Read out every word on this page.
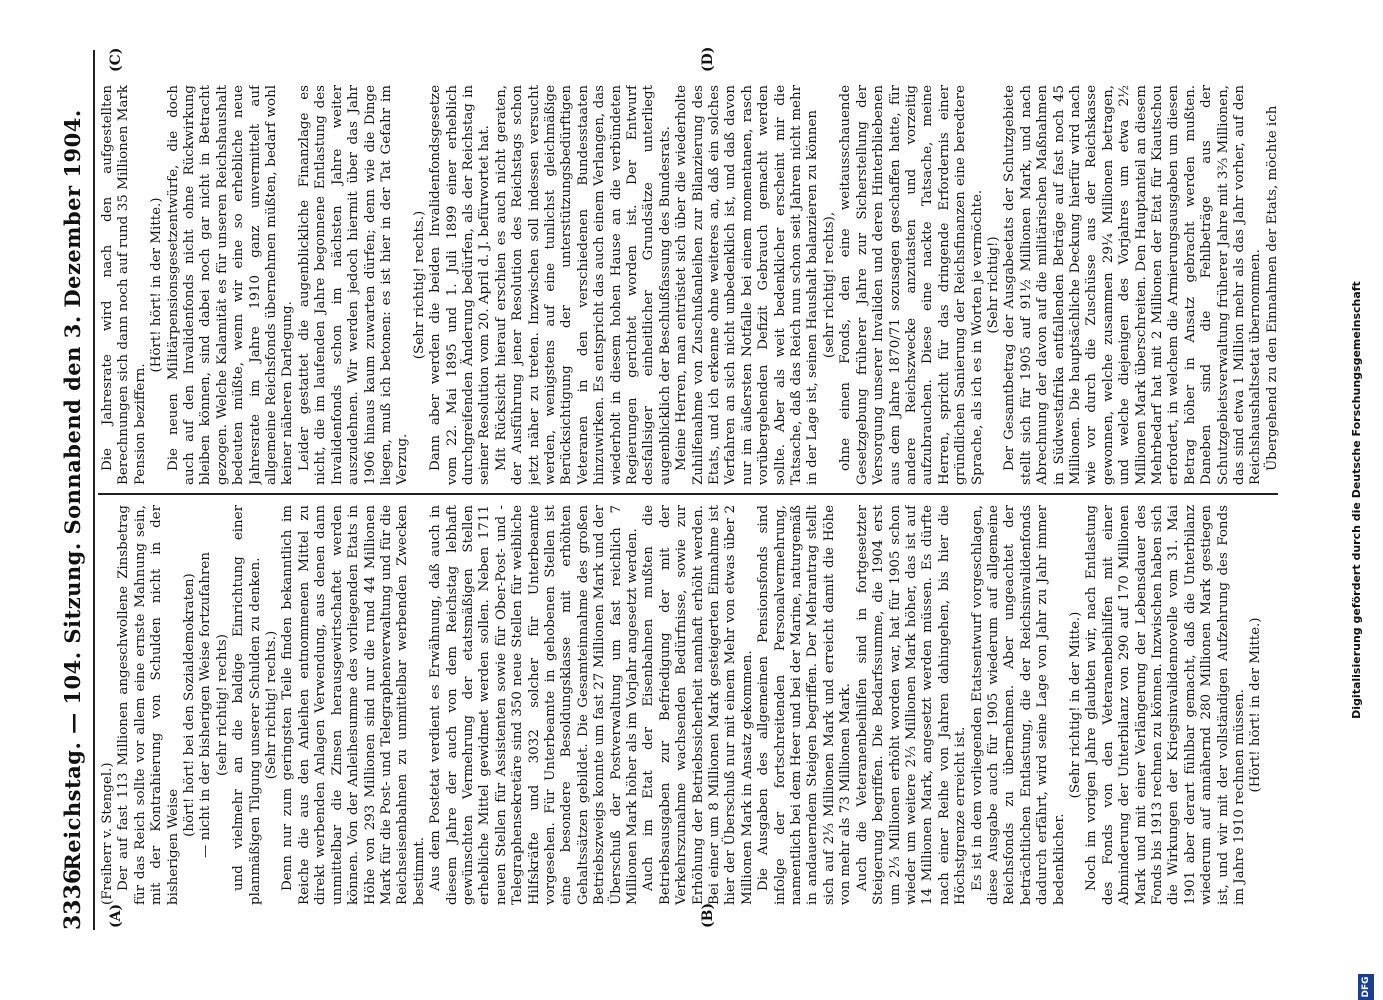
3336
Reichstag. — 104. Sitzung. Sonnabend den 3. Dezember 1904.
(A)	(B)
(C)	(D)

(Freiherr v. Stengel.) Der auf fast 113 Millionen angeschwollene Zinsbetrag für das Reich sollte vor allem eine ernste Mahnung sein, mit der Kontrahierung von Schulden nicht in der bisherigen Weise

(hört! hört! bei den Sozialdemokraten) — nicht in der bisherigen Weise fortzufahren (sehr richtig! rechts) und vielmehr an die baldige Einrichtung einer planmäßigen Tilgung unserer Schulden zu denken. (Sehr richtig! rechts.) Denn nur zum geringsten Teile finden bekanntlich im Reiche die aus den Anleihen entnommenen Mittel zu direkt werbenden Anlagen Verwendung, aus denen dann unmittelbar die Zinsen herausgewirtschaftet werden können. Von der Anleihesumme des vorliegenden Etats in Höhe von 293 Millionen sind nur die rund 44 Millionen Mark für die Post- und Telegraphenverwaltung und für die Reichseisenbahnen zu unmittelbar werbenden Zwecken bestimmt. Aus dem Postetat verdient es Erwähnung, daß auch in diesem Jahre der auch von dem Reichstag lebhaft gewünschten Vermehrung der etatsmäßigen Stellen erhebliche Mittel gewidmet werden sollen. Neben 1711 neuen Stellen für Assistenten sowie für Ober-Post- und -Telegraphensekretäre sind 350 neue Stellen für weibliche Hilfskräfte und 3032 solcher für Unterbeamte vorgesehen. Für Unterbeamte in gehobenen Stellen ist eine besondere Besoldungsklasse mit erhöhten Gehaltssätzen gebildet. Die Gesamteinnahme des großen Betriebszweigs konnte um fast 27 Millionen Mark und der Überschuß der Postverwaltung um fast reichlich 7 Millionen Mark höher als im Vorjahr angesetzt werden. Auch im Etat der Eisenbahnen mußten die Betriebsausgaben zur Befriedigung der mit der Verkehrszunahme wachsenden Bedürfnisse, sowie zur Erhöhung der Betriebssicherheit namhaft erhöht werden. Bei einer um 8 Millionen Mark gesteigerten Einnahme ist hier der Überschuß nur mit einem Mehr von etwas über 2 Millionen Mark in Ansatz gekommen. Die Ausgaben des allgemeinen Pensionsfonds sind infolge der fortschreitenden Personalvermehrung, namentlich bei dem Heer und bei der Marine, naturgemäß in andauerndem Steigen begriffen. Der Mehrantrag stellt sich auf 2⅓ Millionen Mark und erreicht damit die Höhe von mehr als 73 Millionen Mark. Auch die Veteranenbeihilfen sind in fortgesetzter Steigerung begriffen. Die Bedarfssumme, die 1904 erst um 2⅓ Millionen erhöht worden war, hat für 1905 schon wieder um weitere 2⅓ Millionen Mark höher, das ist auf 14 Millionen Mark, angesetzt werden müssen. Es dürfte nach einer Reihe von Jahren dahingehen, bis hier die Höchstgrenze erreicht ist. Es ist in dem vorliegenden Etatsentwurf vorgeschlagen, diese Ausgabe auch für 1905 wiederum auf allgemeine Reichsfonds zu übernehmen. Aber ungeachtet der beträchtlichen Entlastung, die der Reichsinvalidenfonds dadurch erfährt, wird seine Lage von Jahr zu Jahr immer bedenklicher.

(Sehr richtig! in der Mitte.) Noch im vorigen Jahre glaubten wir, nach Entlastung des Fonds von den Veteranenbeihilfen mit einer Abminderung der Unterbilanz von 290 auf 170 Millionen Mark und mit einer Verlängerung der Lebensdauer des Fonds bis 1913 rechnen zu können. Inzwischen haben sich die Wirkungen der Kriegsinvalidennovelle vom 31. Mai 1901 aber derart fühlbar gemacht, daß die Unterbilanz wiederum auf annähernd 280 Millionen Mark gestiegen ist, und wir mit der vollständigen Aufzehrung des Fonds im Jahre 1910 rechnen müssen. (Hört! hört! in der Mitte.)

Die Jahresrate wird nach den aufgestellten Berechnungen sich dann noch auf rund 35 Millionen Mark Pension beziffern.

(Hört! hört! in der Mitte.) Die neuen Militärpensionsgesetzentwürfe, die doch auch auf den Invalidenfonds nicht ohne Rückwirkung bleiben können, sind dabei noch gar nicht in Betracht gezogen. Welche Kalamität es für unseren Reichshaushalt bedeuten müßte, wenn wir eine so erhebliche neue Jahresrate im Jahre 1910 ganz unvermittelt auf allgemeine Reichsfonds übernehmen müßten, bedarf wohl keiner näheren Darlegung. Leider gestattet die augenblickliche Finanzlage es nicht, die im laufenden Jahre begonnene Entlastung des Invalidenfonds schon im nächsten Jahre weiter auszudehnen. Wir werden jedoch hiermit über das Jahr 1906 hinaus kaum zuwarten dürfen; denn wie die Dinge liegen, muß ich betonen: es ist hier in der Tat Gefahr im Verzug.

(Sehr richtig! rechts.) Dann aber werden die beiden Invalidenfondsgesetze vom 22. Mai 1895 und 1. Juli 1899 einer erheblich durchgreifenden Änderung bedürfen, als der Reichstag in seiner Resolution vom 20. April d. J. befürwortet hat. Mit Rücksicht hierauf erschien es auch nicht geraten, der Ausführung jener Resolution des Reichstags schon jetzt näher zu treten. Inzwischen soll indessen versucht werden, wenigstens auf eine tunlichst gleichmäßige Berücksichtigung der unterstützungsbedürftigen Veteranen in den verschiedenen Bundesstaaten hinzuwirken. Es entspricht das auch einem Verlangen, das wiederholt in diesem hohen Hause an die verbündeten Regierungen gerichtet worden ist. Der Entwurf desfallsiger einheitlicher Grundsätze unterliegt augenblicklich der Beschlußfassung des Bundesrats. Meine Herren, man entrüstet sich über die wiederholte Zuhilfenahme von Zuschußanleihen zur Bilanzierung des Etats, und ich erkenne ohne weiteres an, daß ein solches Verfahren an sich nicht unbedenklich ist, und daß davon nur im äußersten Notfalle bei einem momentanen, rasch vorübergehenden Defizit Gebrauch gemacht werden sollte. Aber als weit bedenklicher erscheint mir die Tatsache, daß das Reich nun schon seit Jahren nicht mehr in der Lage ist, seinen Haushalt balanzieren zu können (sehr richtig! rechts), ohne einen Fonds, den eine weitausschauende Gesetzgebung früherer Jahre zur Sicherstellung der Versorgung unserer Invaliden und deren Hinterbliebenen aus dem Jahre 1870/71 sozusagen geschaffen hatte, für andere Reichszwecke anzutasten und vorzeitig aufzubrauchen. Diese eine nackte Tatsache, meine Herren, spricht für das dringende Erfordernis einer gründlichen Sanierung der Reichsfinanzen eine beredtere Sprache, als ich es in Worten je vermöchte. (Sehr richtig!) Der Gesamtbetrag der Ausgabeetats der Schutzgebiete stellt sich für 1905 auf 91½ Millionen Mark, und nach Abrechnung der davon auf die militärischen Maßnahmen in Südwestafrika entfallenden Beträge auf fast noch 45 Millionen. Die hauptsächliche Deckung hierfür wird nach wie vor durch die Zuschüsse aus der Reichskasse gewonnen, welche zusammen 29¼ Millionen betragen, und welche diejenigen des Vorjahres um etwa 2½ Millionen Mark überschreiten. Den Hauptanteil an diesem Mehrbedarf hat mit 2 Millionen der Etat für Kiautschou erfordert, in welchem die Armierungsausgaben um diesen Betrag höher in Ansatz gebracht werden mußten. Daneben sind die Fehlbeträge aus der Schutzgebietsverwaltung früherer Jahre mit 3⅔ Millionen, das sind etwa 1 Million mehr als das Jahr vorher, auf den Reichshaushaltsetat übernommen. Übergehend zu den Einnahmen der Etats, möchte ich	Digitalisierung gefördert durch die Deutsche Forschungsgemeinschaft
DFG
